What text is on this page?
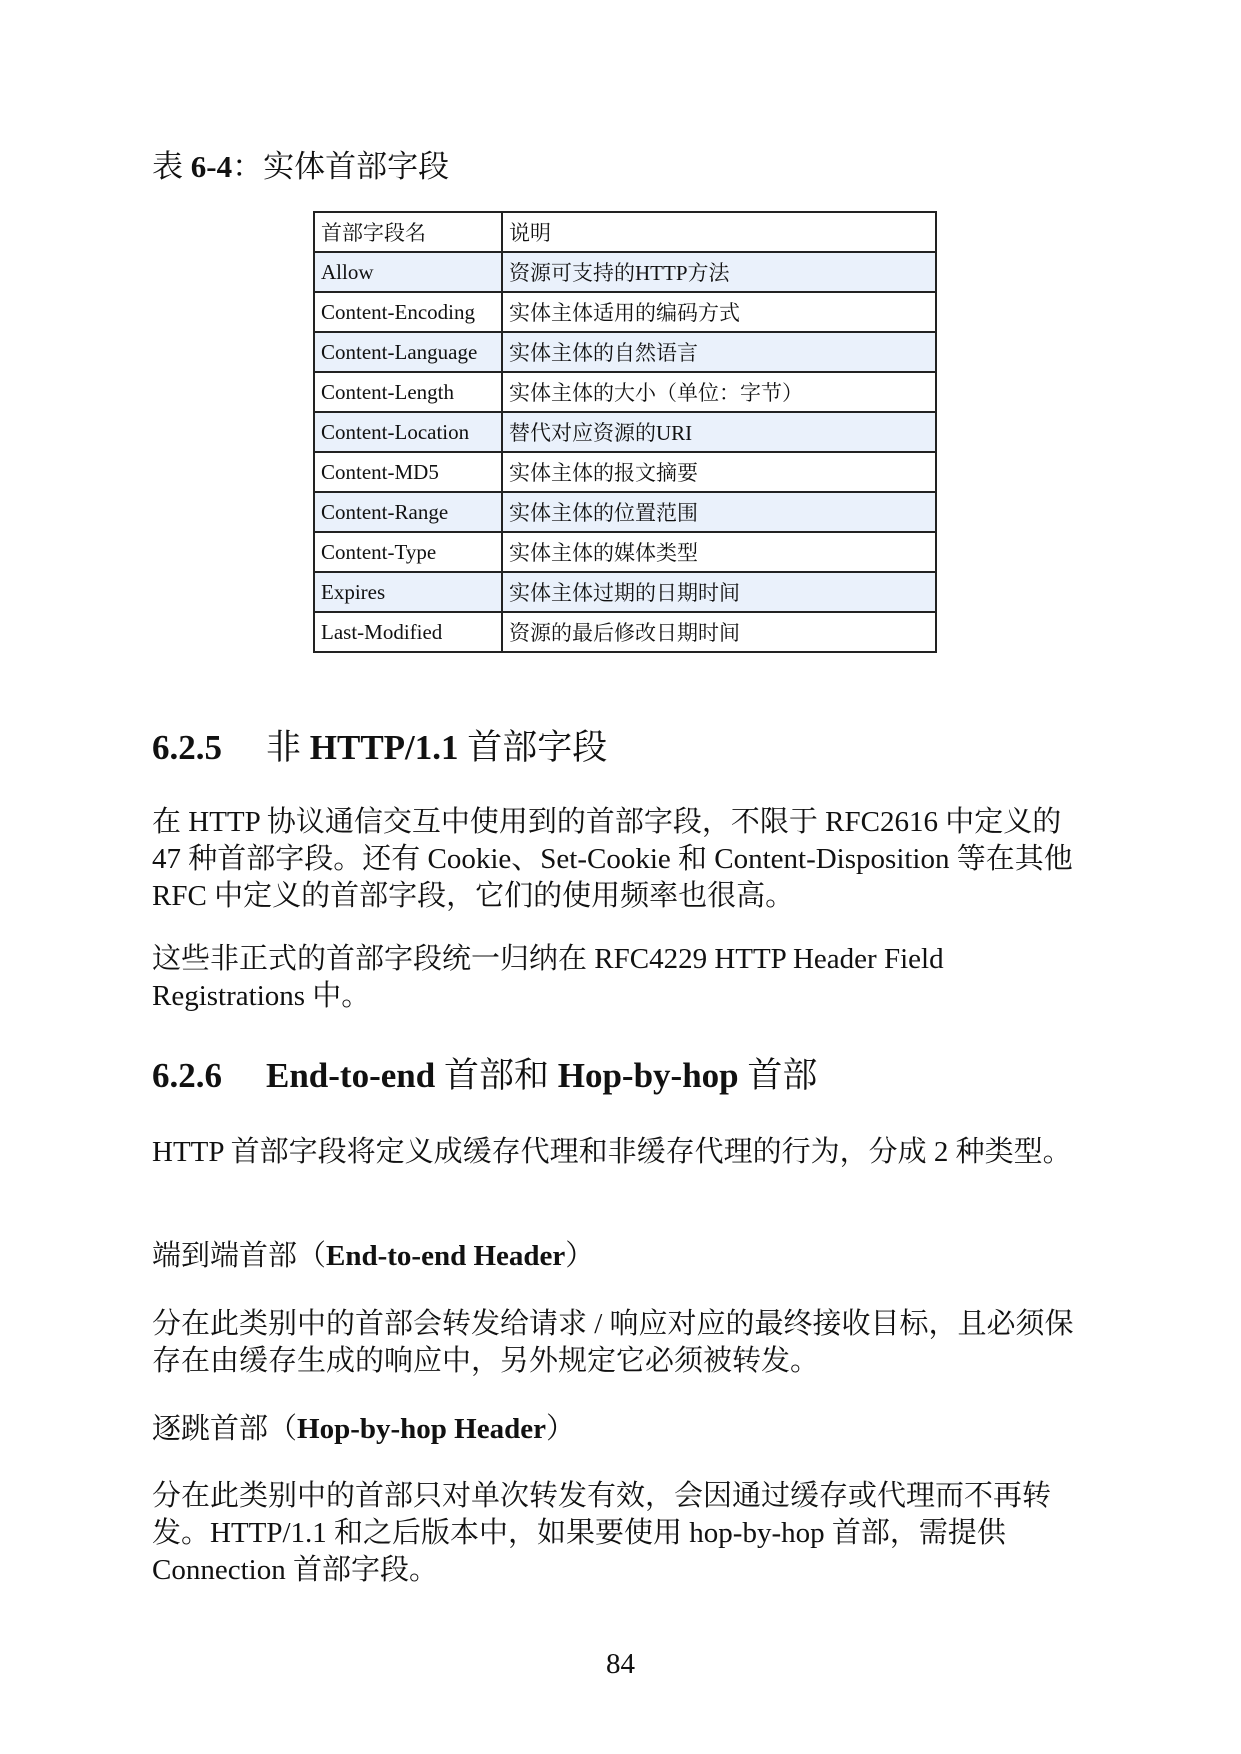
表 6-4：实体首部字段
首部字段名	说明
Allow	资源可支持的HTTP方法
Content-Encoding	实体主体适用的编码方式
Content-Language	实体主体的自然语言
Content-Length	实体主体的大小（单位：字节）
Content-Location	替代对应资源的URI
Content-MD5	实体主体的报文摘要
Content-Range	实体主体的位置范围
Content-Type	实体主体的媒体类型
Expires	实体主体过期的日期时间
Last-Modified	资源的最后修改日期时间
6.2.5 非 HTTP/1.1 首部字段
在 HTTP 协议通信交互中使用到的首部字段，不限于 RFC2616 中定义的 47 种首部字段。还有 Cookie、Set-Cookie 和 Content-Disposition 等在其他 RFC 中定义的首部字段，它们的使用频率也很高。
这些非正式的首部字段统一归纳在 RFC4229 HTTP Header Field Registrations 中。
6.2.6 End-to-end 首部和 Hop-by-hop 首部
HTTP 首部字段将定义成缓存代理和非缓存代理的行为，分成 2 种类型。
端到端首部（End-to-end Header）
分在此类别中的首部会转发给请求 / 响应对应的最终接收目标，且必须保存在由缓存生成的响应中，另外规定它必须被转发。
逐跳首部（Hop-by-hop Header）
分在此类别中的首部只对单次转发有效，会因通过缓存或代理而不再转发。HTTP/1.1 和之后版本中，如果要使用 hop-by-hop 首部，需提供 Connection 首部字段。
84
